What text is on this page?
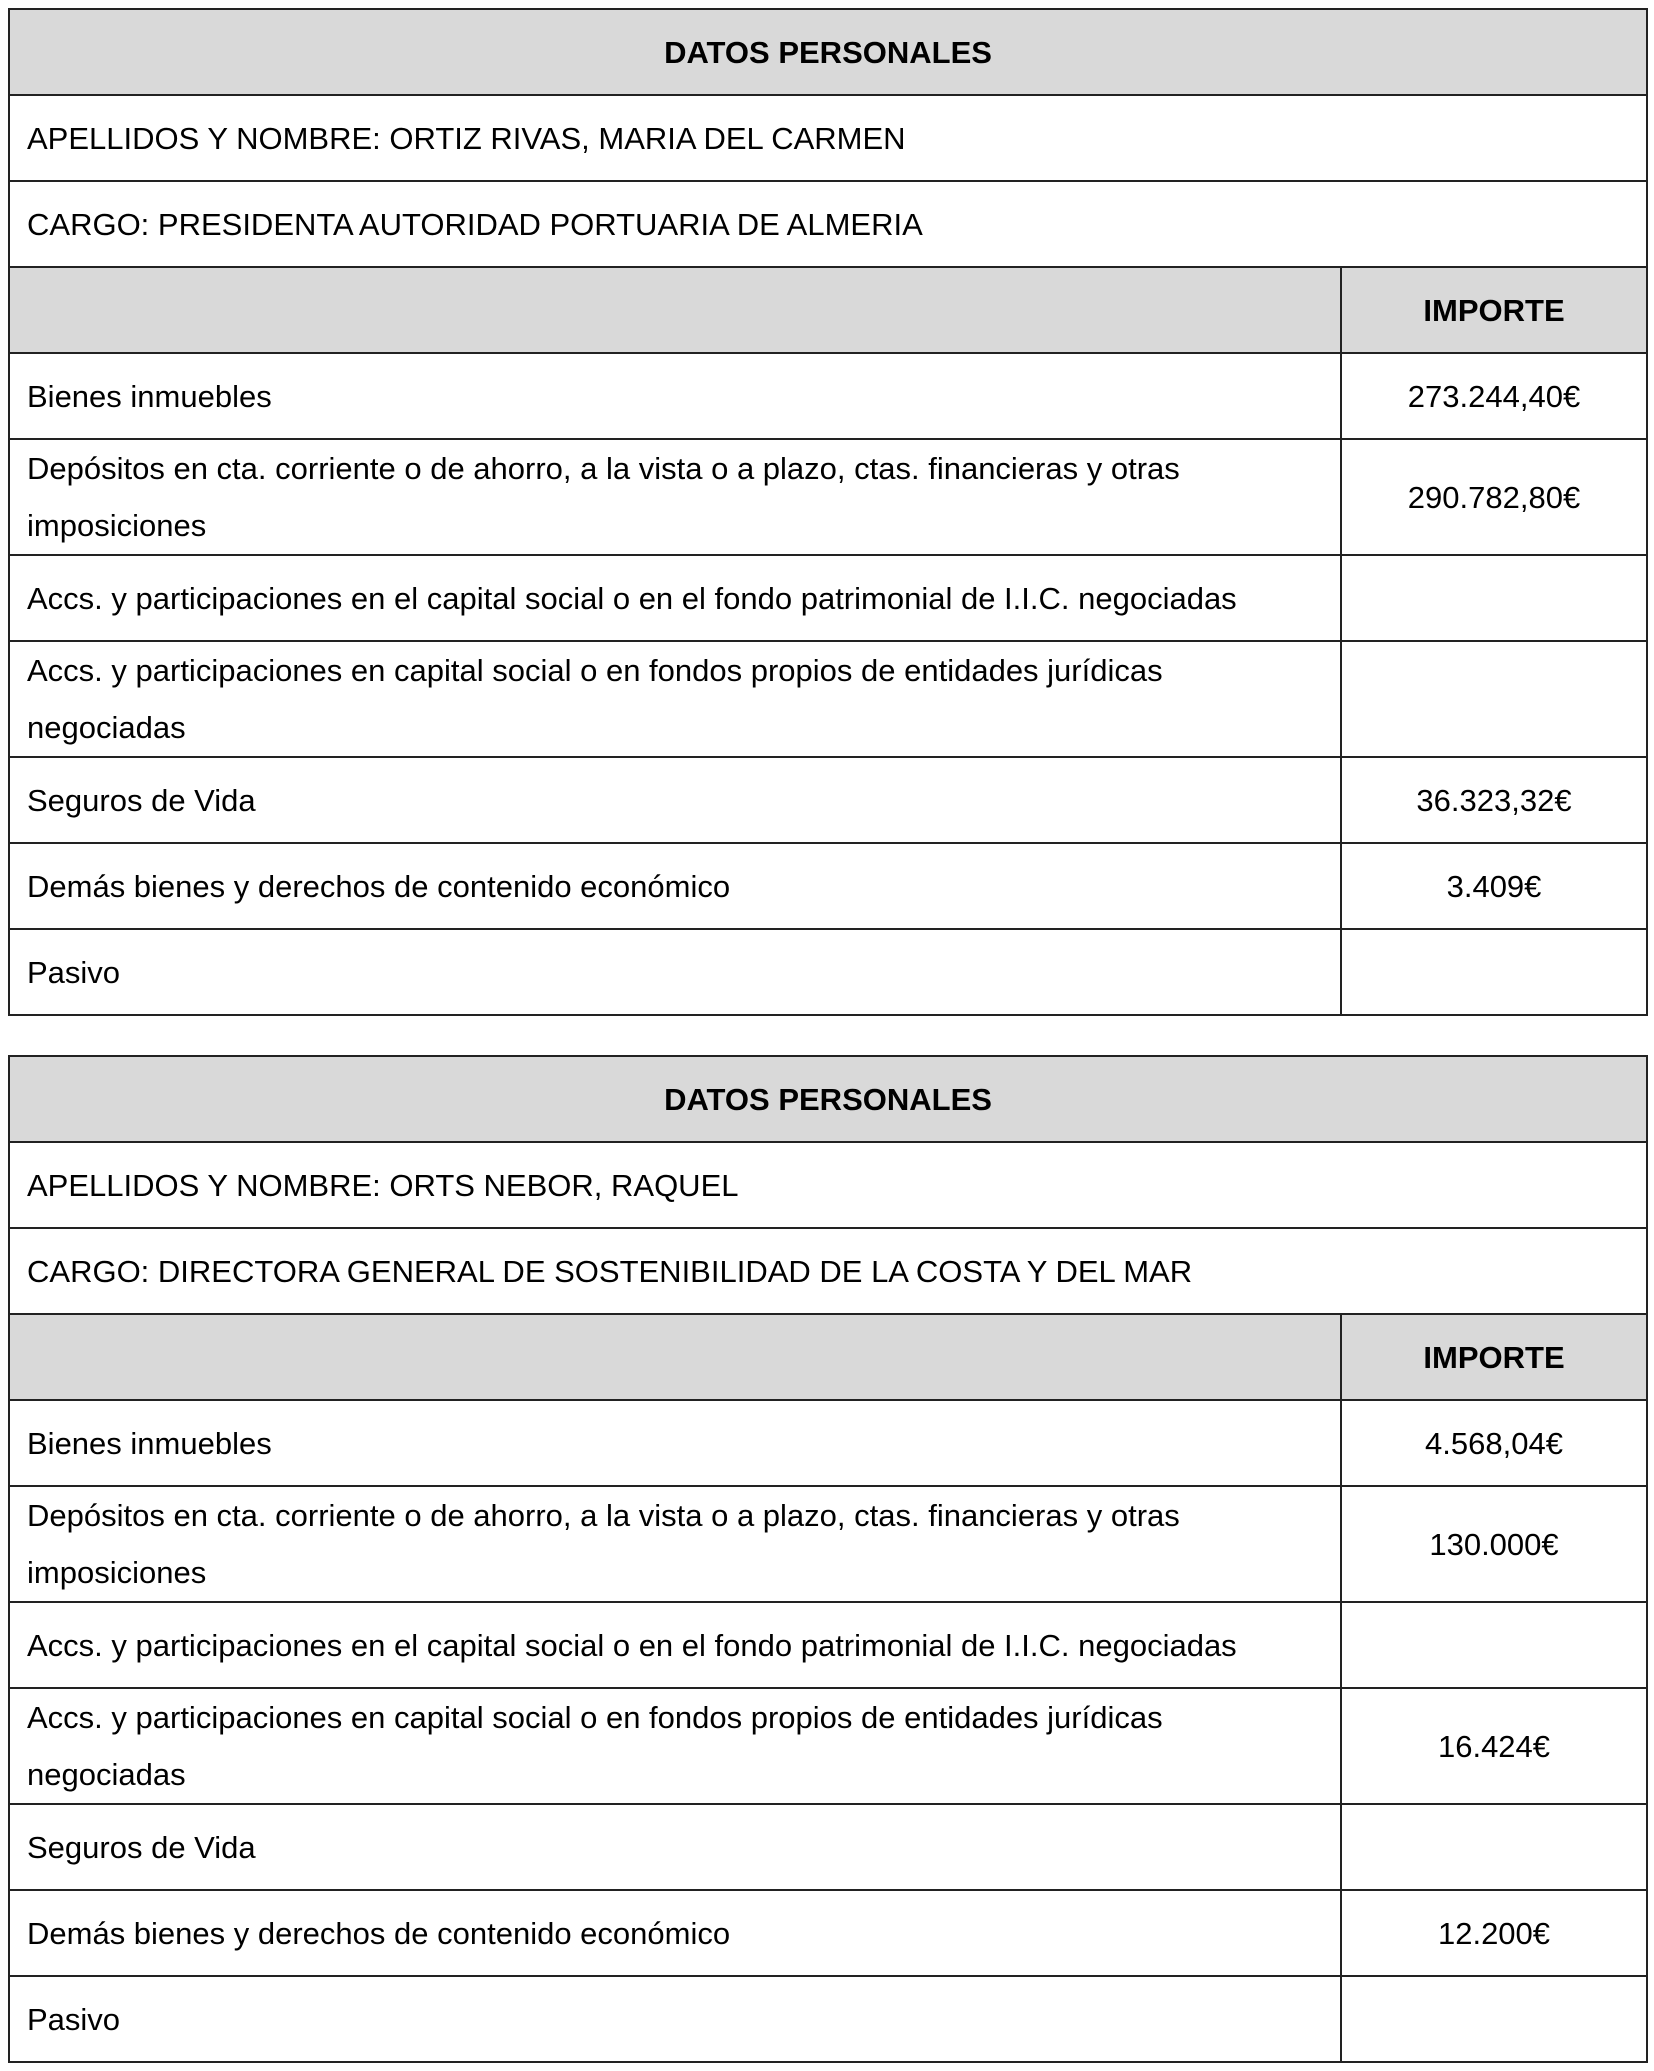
DATOS PERSONALES	
APELLIDOS Y NOMBRE: ORTIZ RIVAS, MARIA DEL CARMEN	
CARGO: PRESIDENTA AUTORIDAD PORTUARIA DE ALMERIA	
	IMPORTE
Bienes inmuebles	273.244,40€
Depósitos en cta. corriente o de ahorro, a la vista o a plazo, ctas. financieras y otras imposiciones	290.782,80€
Accs. y participaciones en el capital social o en el fondo patrimonial de I.I.C. negociadas	
Accs. y participaciones en capital social o en fondos propios de entidades jurídicas negociadas	
Seguros de Vida	36.323,32€
Demás bienes y derechos de contenido económico	3.409€
Pasivo	
DATOS PERSONALES	
APELLIDOS Y NOMBRE: ORTS NEBOR, RAQUEL	
CARGO: DIRECTORA GENERAL DE SOSTENIBILIDAD DE LA COSTA Y DEL MAR	
	IMPORTE
Bienes inmuebles	4.568,04€
Depósitos en cta. corriente o de ahorro, a la vista o a plazo, ctas. financieras y otras imposiciones	130.000€
Accs. y participaciones en el capital social o en el fondo patrimonial de I.I.C. negociadas	
Accs. y participaciones en capital social o en fondos propios de entidades jurídicas negociadas	16.424€
Seguros de Vida	
Demás bienes y derechos de contenido económico	12.200€
Pasivo	
